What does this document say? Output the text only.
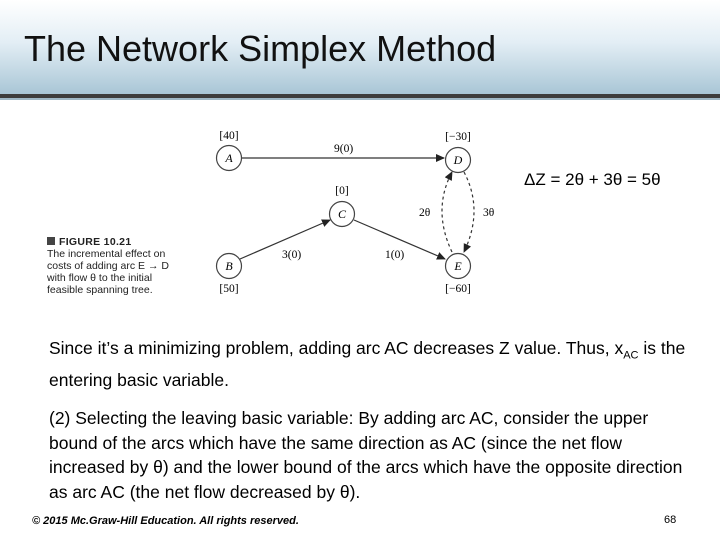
The Network Simplex Method
9(0)
3(0)	1(0)
2θ	3θ
A
B
C
D
E
[40]
[50]
[0]
[−30]
[−60]
FIGURE 10.21
The incremental effect on costs of adding arc E → D with flow θ to the initial feasible spanning tree.
ΔZ = 2θ + 3θ = 5θ
Since it’s a minimizing problem, adding arc AC decreases Z value. Thus, $x_{AC}$ is the entering basic variable.
(2) Selecting the leaving basic variable: By adding arc AC, consider the upper bound of the arcs which have the same direction as AC (since the net flow increased by θ) and the lower bound of the arcs which have the opposite direction as arc AC (the net flow decreased by θ).
© 2015 Mc.Graw-Hill Education. All rights reserved.	68
